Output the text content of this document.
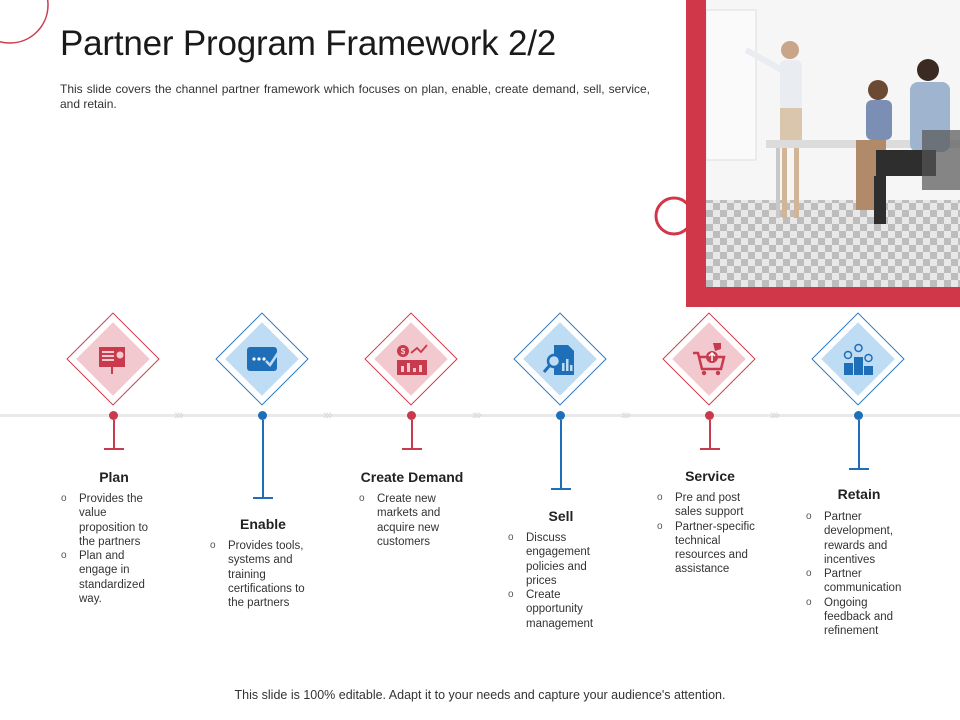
Partner Program Framework 2/2

This slide covers the channel partner framework which focuses on plan, enable, create demand, sell, service, and retain.

›››	›››	›››	›››	›››
Plan
o Provides the value proposition to the partners
o Plan and engage in standardized way.
Enable
o Provides tools, systems and training certifications to the partners
$
Create Demand
o Create new markets and acquire new customers
Sell
o Discuss engagement policies and prices
o Create opportunity management
Service
o Pre and post sales support
o Partner-specific technical resources and assistance
Retain
o Partner development, rewards and incentives
o Partner communication
o Ongoing feedback and refinement

This slide is 100% editable. Adapt it to your needs and capture your audience's attention.
